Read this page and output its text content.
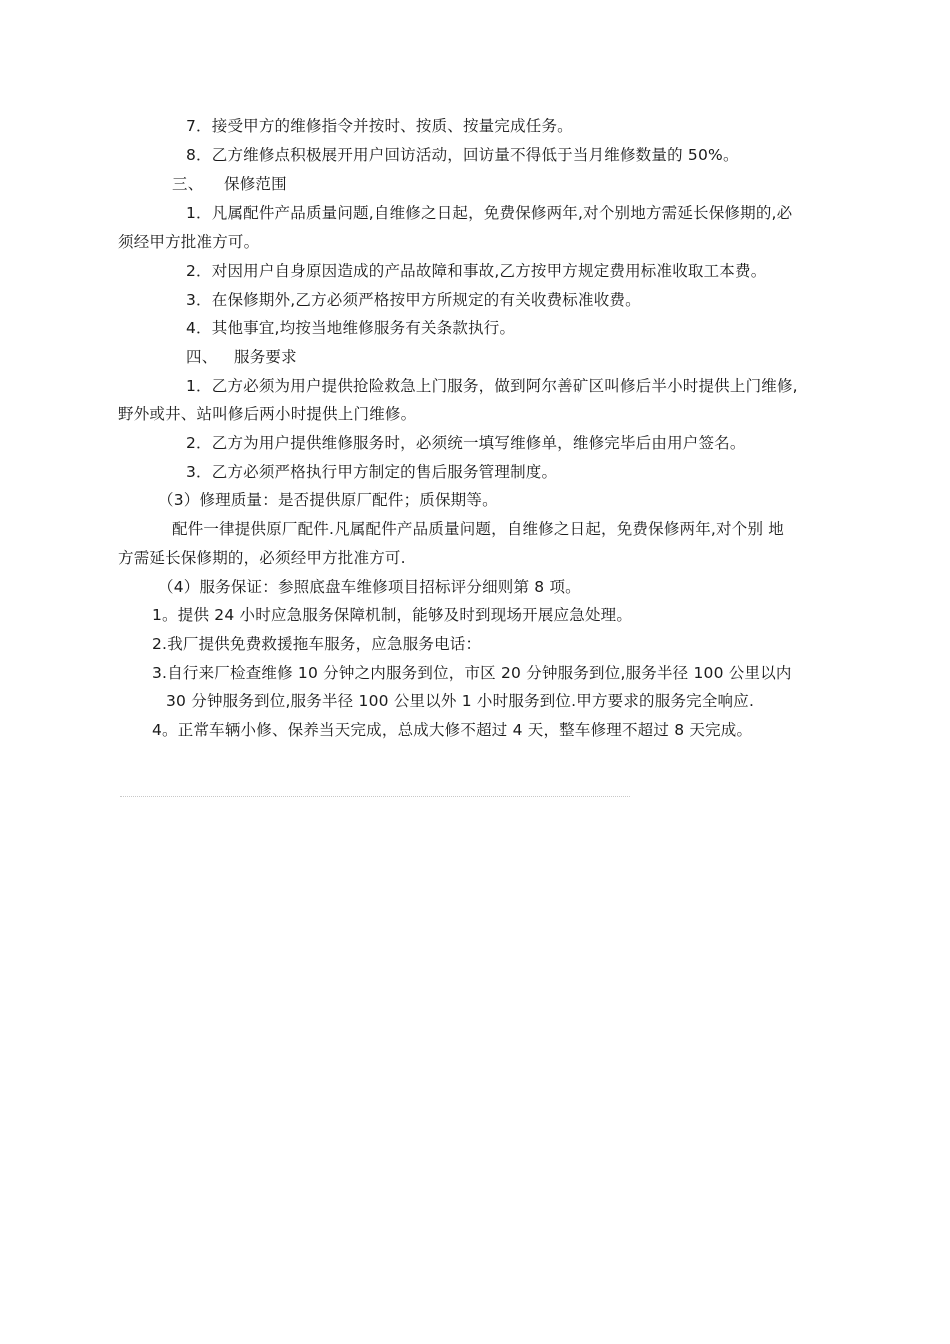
7．接受甲方的维修指令并按时、按质、按量完成任务。
8．乙方维修点积极展开用户回访活动，回访量不得低于当月维修数量的 50%。
三、 保修范围
1．凡属配件产品质量问题,自维修之日起，免费保修两年,对个别地方需延长保修期的,必
须经甲方批准方可。
2．对因用户自身原因造成的产品故障和事故,乙方按甲方规定费用标准收取工本费。
3．在保修期外,乙方必须严格按甲方所规定的有关收费标准收费。
4．其他事宜,均按当地维修服务有关条款执行。
四、 服务要求
1．乙方必须为用户提供抢险救急上门服务，做到阿尔善矿区叫修后半小时提供上门维修,
野外或井、站叫修后两小时提供上门维修。
2．乙方为用户提供维修服务时，必须统一填写维修单，维修完毕后由用户签名。
3．乙方必须严格执行甲方制定的售后服务管理制度。
（3）修理质量：是否提供原厂配件；质保期等。
配件一律提供原厂配件.凡属配件产品质量问题，自维修之日起，免费保修两年,对个别 地
方需延长保修期的，必须经甲方批准方可.
（4）服务保证：参照底盘车维修项目招标评分细则第 8 项。
1。提供 24 小时应急服务保障机制，能够及时到现场开展应急处理。
2.我厂提供免费救援拖车服务，应急服务电话：
3.自行来厂检查维修 10 分钟之内服务到位，市区 20 分钟服务到位,服务半径 100 公里以内
30 分钟服务到位,服务半径 100 公里以外 1 小时服务到位.甲方要求的服务完全响应.
4。正常车辆小修、保养当天完成，总成大修不超过 4 天，整车修理不超过 8 天完成。
